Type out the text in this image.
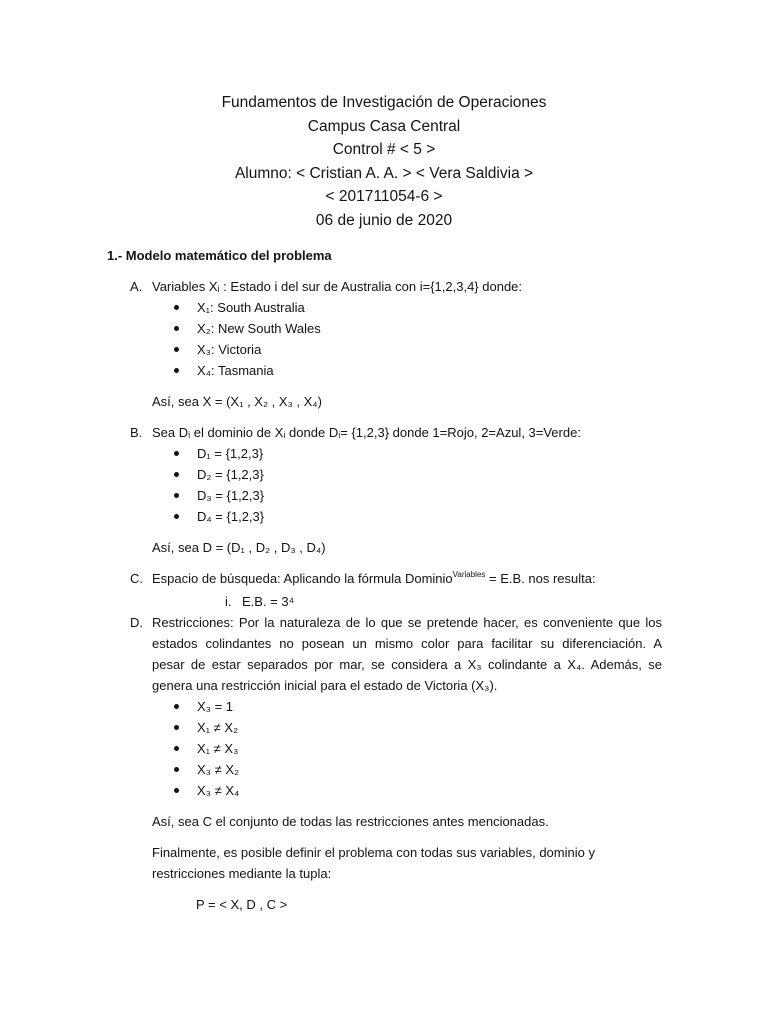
Fundamentos de Investigación de Operaciones
Campus Casa Central
Control # < 5 >
Alumno: < Cristian A. A. > < Vera Saldivia >
< 201711054-6 >
06 de junio de 2020
1.- Modelo matemático del problema
A. Variables Xᵢ : Estado i del sur de Australia con i={1,2,3,4} donde:
X₁: South Australia
X₂: New South Wales
X₃: Victoria
X₄: Tasmania
Así, sea X = (X₁ , X₂ , X₃ , X₄)
B. Sea Dᵢ el dominio de Xᵢ donde Dᵢ= {1,2,3} donde 1=Rojo, 2=Azul, 3=Verde:
D₁ = {1,2,3}
D₂ = {1,2,3}
D₃ = {1,2,3}
D₄ = {1,2,3}
Así, sea D = (D₁ , D₂ , D₃ , D₄)
C. Espacio de búsqueda: Aplicando la fórmula Dominio$^{Variables}$ = E.B. nos resulta:
i. E.B. = 3⁴
D. Restricciones: Por la naturaleza de lo que se pretende hacer, es conveniente que los
estados colindantes no posean un mismo color para facilitar su diferenciación. A
pesar de estar separados por mar, se considera a X₃ colindante a X₄. Además, se
genera una restricción inicial para el estado de Victoria (X₃).
X₃ = 1
X₁ ≠ X₂
X₁ ≠ X₃
X₃ ≠ X₂
X₃ ≠ X₄
Así, sea C el conjunto de todas las restricciones antes mencionadas.
Finalmente, es posible definir el problema con todas sus variables, dominio y
restricciones mediante la tupla:
P = < X, D , C >
